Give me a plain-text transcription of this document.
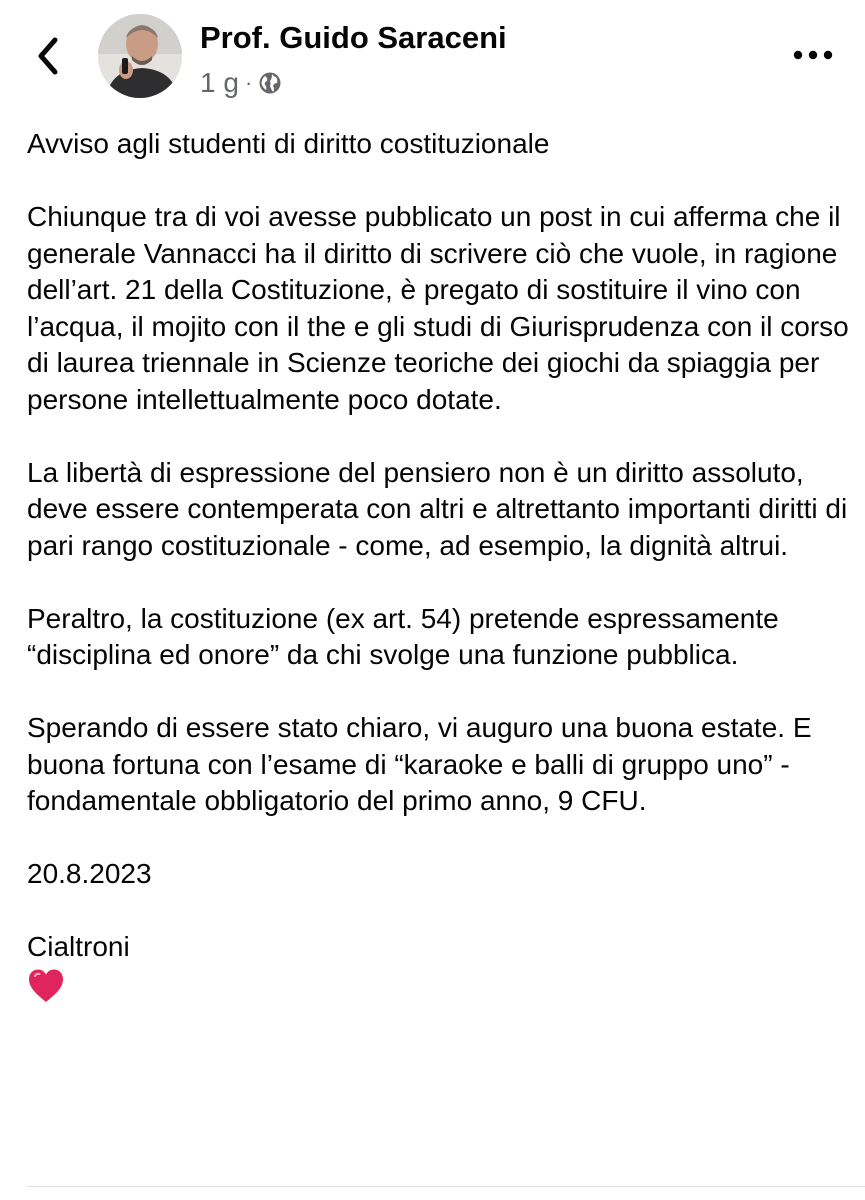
Prof. Guido Saraceni
1 g ·

Avviso agli studenti di diritto costituzionale

Chiunque tra di voi avesse pubblicato un post in cui afferma che il generale Vannacci ha il diritto di scrivere ciò che vuole, in ragione dell’art. 21 della Costituzione, è pregato di sostituire il vino con l’acqua, il mojito con il the e gli studi di Giurisprudenza con il corso di laurea triennale in Scienze teoriche dei giochi da spiaggia per persone intellettualmente poco dotate.

La libertà di espressione del pensiero non è un diritto assoluto, deve essere contemperata con altri e altrettanto importanti diritti di pari rango costituzionale - come, ad esempio, la dignità altrui.

Peraltro, la costituzione (ex art. 54) pretende espressamente “disciplina ed onore” da chi svolge una funzione pubblica.

Sperando di essere stato chiaro, vi auguro una buona estate. E buona fortuna con l’esame di “karaoke e balli di gruppo uno” - fondamentale obbligatorio del primo anno, 9 CFU.

20.8.2023

Cialtroni
